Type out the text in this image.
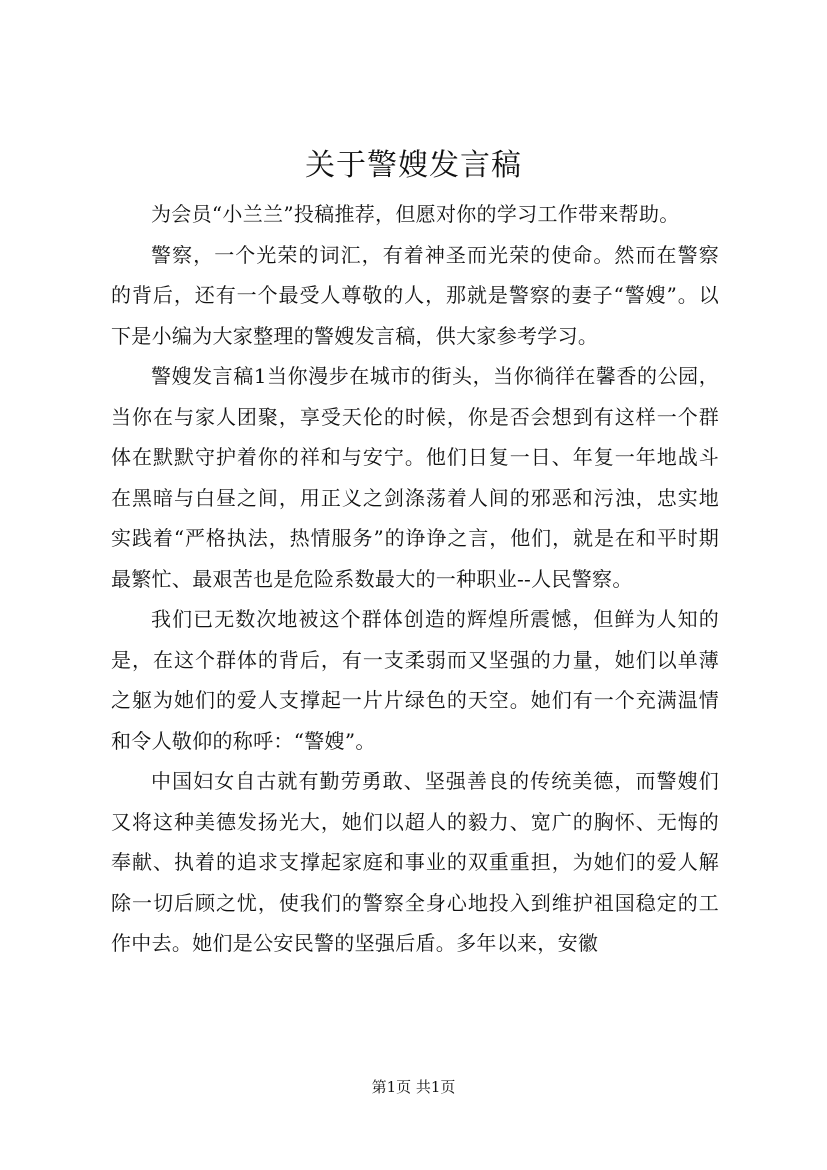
关于警嫂发言稿

为会员“小兰兰”投稿推荐，但愿对你的学习工作带来帮助。

警察，一个光荣的词汇，有着神圣而光荣的使命。然而在警察的背后，还有一个最受人尊敬的人，那就是警察的妻子“警嫂”。以下是小编为大家整理的警嫂发言稿，供大家参考学习。

警嫂发言稿1当你漫步在城市的街头，当你徜徉在馨香的公园，当你在与家人团聚，享受天伦的时候，你是否会想到有这样一个群体在默默守护着你的祥和与安宁。他们日复一日、年复一年地战斗在黑暗与白昼之间，用正义之剑涤荡着人间的邪恶和污浊，忠实地实践着“严格执法，热情服务”的诤诤之言，他们，就是在和平时期最繁忙、最艰苦也是危险系数最大的一种职业--人民警察。

我们已无数次地被这个群体创造的辉煌所震憾，但鲜为人知的是，在这个群体的背后，有一支柔弱而又坚强的力量，她们以单薄之躯为她们的爱人支撑起一片片绿色的天空。她们有一个充满温情和令人敬仰的称呼：“警嫂”。

中国妇女自古就有勤劳勇敢、坚强善良的传统美德，而警嫂们又将这种美德发扬光大，她们以超人的毅力、宽广的胸怀、无悔的奉献、执着的追求支撑起家庭和事业的双重重担，为她们的爱人解除一切后顾之忧，使我们的警察全身心地投入到维护祖国稳定的工作中去。她们是公安民警的坚强后盾。多年以来，安徽

第1页 共1页
